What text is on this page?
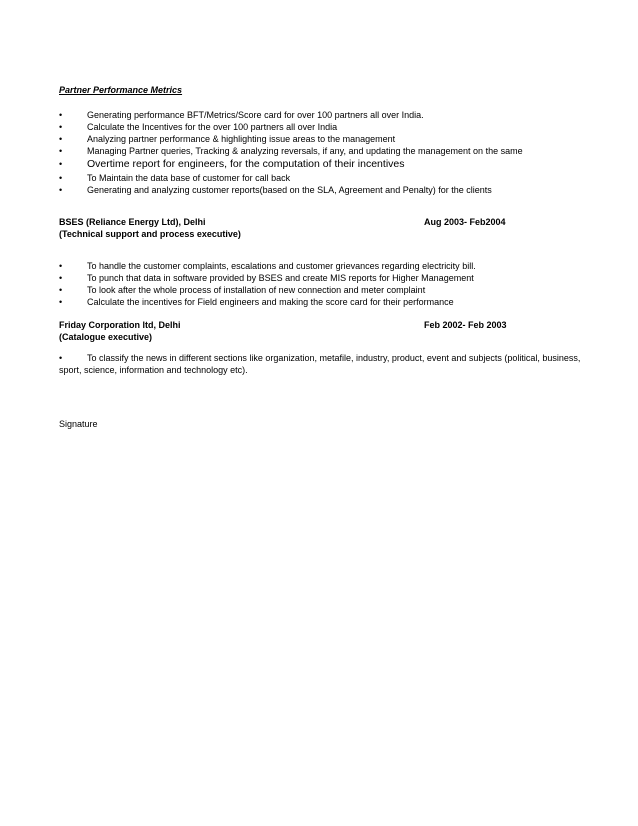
Partner Performance Metrics
•	Generating performance BFT/Metrics/Score card for over 100 partners all over India.
•	Calculate the Incentives for the over 100 partners all over India
•	Analyzing partner performance & highlighting issue areas to the management
•	Managing Partner queries, Tracking & analyzing reversals, if any, and updating the management on the same
•	Overtime report for engineers, for the computation of their incentives
•	To Maintain the data base of customer for call back
•	Generating and analyzing customer reports(based on the SLA, Agreement and Penalty) for the clients
BSES (Reliance Energy Ltd), Delhi
(Technical support and process executive)
Aug 2003- Feb2004
•	To handle the customer complaints, escalations and customer grievances regarding electricity bill.
•	To punch that data in software provided by BSES and create MIS reports for Higher Management
•	To look after the whole process of installation of new connection and meter complaint
•	Calculate the incentives for Field engineers and making the score card for their performance
Friday Corporation ltd, Delhi
(Catalogue executive)
Feb 2002- Feb 2003
•	To classify the news in different sections like organization, metafile, industry, product, event and subjects (political, business,
sport, science, information and technology etc).
Signature
